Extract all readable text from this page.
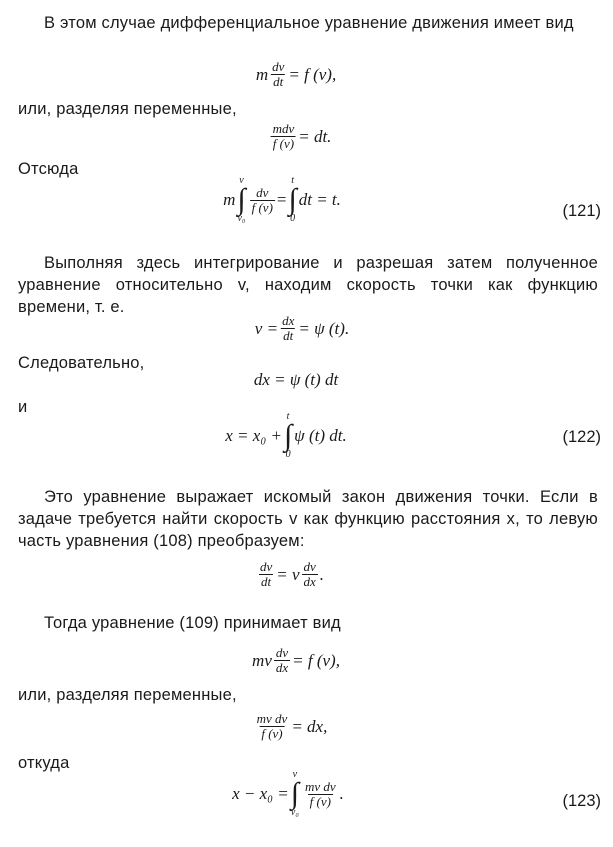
В этом случае дифференциальное уравнение движения имеет вид
m $\frac{dv}{dt} = f$ (v),
или, разделяя переменные,
$\frac{\text{mdv}}{f (v)}$ = dt.
Отсюда
m
v
∫
v₀
$\frac{dv}{f (v)}$ =
t
∫
0
dt = t.
(121)
Выполняя здесь интегрирование и разрешая затем полученное уравнение относительно v, находим скорость точки как функцию времени, т. е.
$v = \frac{dx}{dt} = \psi$ (t).
Следовательно,
dx = ψ (t) dt
и
x = x₀ +
t
∫
0
ψ (t) dt.	(122)
Это уравнение выражает искомый закон движения точки. Если в задаче требуется найти скорость v как функцию расстояния x, то левую часть уравнения (108) преобразуем:
$\frac{dv}{dt} = v \frac{dv}{dx}$ .
Тогда уравнение (109) принимает вид
mv $\frac{dv}{dx} = f$ (v),
или, разделяя переменные,
$\frac{\text{mv dv}}{f (v)}$ = dx,
откуда
x − x₀ =
v
∫
v₀
$\frac{\text{mv dv}}{f (v)}$ .	(123)
